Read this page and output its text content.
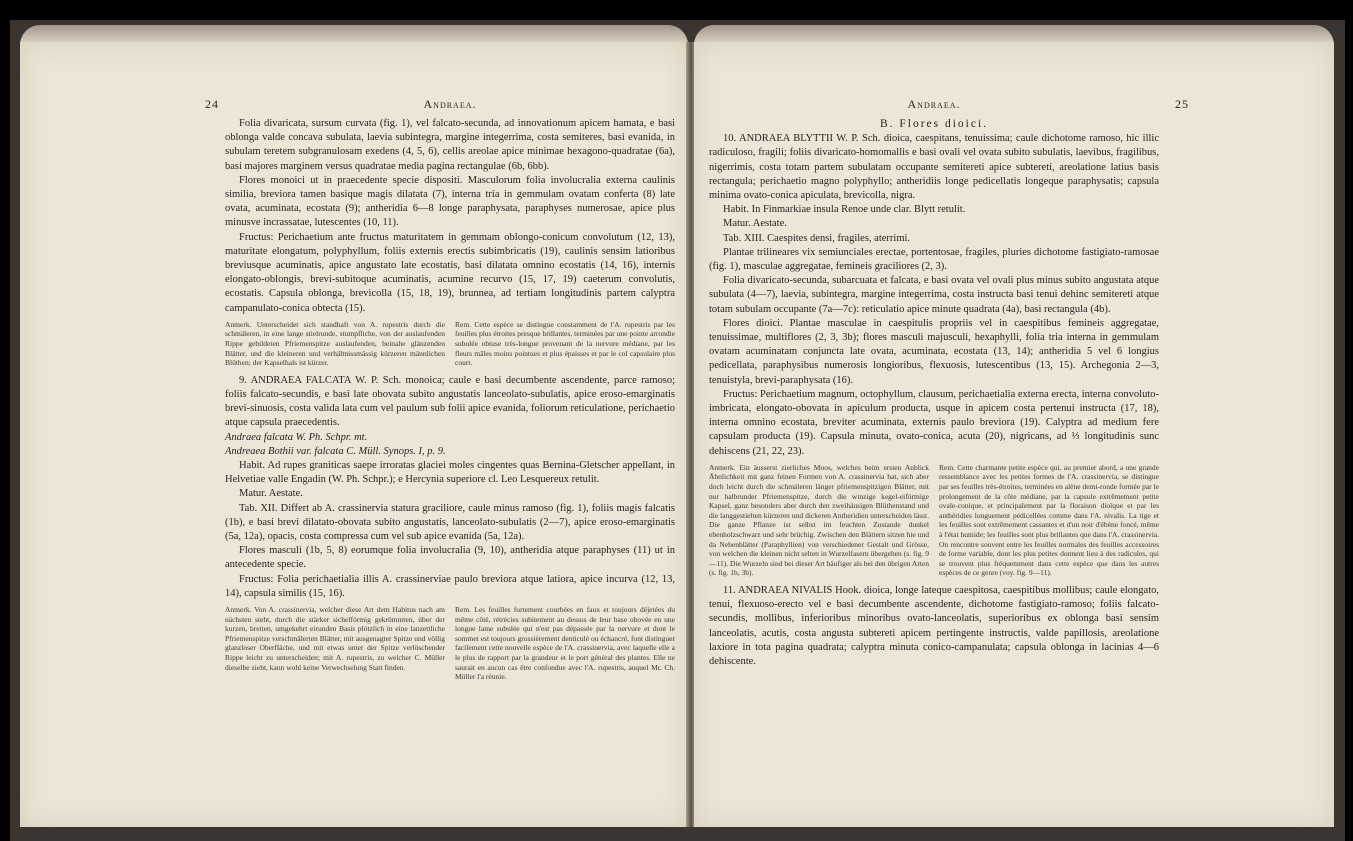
24	Andraea.

Folia divaricata, sursum curvata (fig. 1), vel falcato-secunda, ad innovationum apicem hamata, e basi oblonga valde concava subulata, laevia subintegra, margine integerrima, costa semiteres, basi evanida, in subulam teretem subgranulosam exedens (4, 5, 6), cellis areolae apice minimae hexagono-quadratae (6a), basi majores marginem versus quadratae media pagina rectangulae (6b, 6bb).

Flores monoici ut in praecedente specie dispositi. Masculorum folia involucralia externa caulinis similia, breviora tamen basique magis dilatata (7), interna tria in gemmulam ovatam conferta (8) late ovata, acuminata, ecostata (9); antheridia 6—8 longe paraphysata, paraphyses numerosae, apice plus minusve incrassatae, lutescentes (10, 11).

Fructus: Perichaetium ante fructus maturitatem in gemmam oblongo-conicum convolutum (12, 13), maturitate elongatum, polyphyllum, foliis externis erectis subimbricatis (19), caulinis sensim latioribus breviusque acuminatis, apice angustato late ecostatis, basi dilatata omnino ecostatis (14, 16), internis elongato-oblongis, brevi-subitoque acuminatis, acumine recurvo (15, 17, 19) caeterum convolutis, ecostatis. Capsula oblonga, brevicolla (15, 18, 19), brunnea, ad tertiam longitudinis partem calyptra campanulato-conica obtecta (15).

Anmerk. Unterscheidet sich standhaft von A. rupestris durch die schmäleren, in eine lange stielrunde, stumpfliche, von der auslaufenden Rippe gebildeten Pfriemenspitze auslaufenden, beinahe glänzenden Blätter, und die kleineren und verhältnissmässig kürzeren männlichen Blüthen; der Kapselhals ist kürzer.
Rem. Cette espèce se distingue constamment de l'A. rupestris par les feuilles plus étroites presque brillantes, terminées par une pointe arrondie subulée obtuse très-longue provenant de la nervure médiane, par les fleurs mâles moins pointues et plus épaisses et par le col capsulaire plus court.

9. ANDRAEA FALCATA W. P. Sch. monoica; caule e basi decumbente ascendente, parce ramoso; foliis falcato-secundis, e basi late obovata subito angustatis lanceolato-subulatis, apice eroso-emarginatis brevi-sinuosis, costa valida lata cum vel paulum sub folii apice evanida, foliorum reticulatione, perichaetio atque capsula praecedentis.

Andraea falcata W. Ph. Schpr. mt.

Andreaea Bothii var. falcata C. Müll. Synops. I, p. 9.

Habit. Ad rupes graniticas saepe irroratas glaciei moles cingentes quas Bernina-Gletscher appellant, in Helvetiae valle Engadin (W. Ph. Schpr.); e Hercynia superiore cl. Leo Lesquereux retulit.

Matur. Aestate.

Tab. XII. Differt ab A. crassinervia statura graciliore, caule minus ramoso (fig. 1), foliis magis falcatis (1b), e basi brevi dilatato-obovata subito angustatis, lanceolato-subulatis (2—7), apice eroso-emarginatis (5a, 12a), opacis, costa compressa cum vel sub apice evanida (5a, 12a).

Flores masculi (1b, 5, 8) eorumque folia involucralia (9, 10), antheridia atque paraphyses (11) ut in antecedente specie.

Fructus: Folia perichaetialia illis A. crassinerviae paulo breviora atque latiora, apice incurva (12, 13, 14), capsula similis (15, 16).

Anmerk. Von A. crassinervia, welcher diese Art dem Habitus nach am nächsten steht, durch die stärker sichelförmig gekrümmten, über der kurzen, breiten, umgekehrt eirunden Basis plötzlich in eine lanzettliche Pfriemenspitze verschmälerten Blätter, mit ausgenagter Spitze und völlig glanzloser Oberfläche, und mit etwas unter der Spitze verlöschender Rippe leicht zu unterscheiden; mit A. rupestris, zu welcher C. Müller dieselbe zieht, kann wohl keine Verwechselung Statt finden.
Rem. Les feuilles fortement courbées en faux et toujours déjetées du même côté, rétrécies subitement au dessus de leur base obovée en une longue lame subulée qui n'est pas dépassée par la nervure et dont le sommet est toujours grossièrement denticulé ou échancré, font distinguer facilement cette nouvelle espèce de l'A. crassinervia, avec laquelle elle a le plus de rapport par la grandeur et le port général des plantes. Elle ne saurait en aucun cas être confondue avec l'A. rupestris, auquel Mr. Ch. Müller l'a réunie.
Andraea.	25
B. Flores dioici.

10. ANDRAEA BLYTTII W. P. Sch. dioica, caespitans, tenuissima; caule dichotome ramoso, hic illic radiculoso, fragili; foliis divaricato-homomallis e basi ovali vel ovata subito subulatis, laevibus, fragilibus, nigerrimis, costa totam partem subulatam occupante semitereti apice subteretí, areolatione latius basis rectangula; perichaetio magno polyphyllo; antheridiis longe pedicellatis longeque paraphysatis; capsula minima ovato-conica apiculata, brevicolla, nigra.

Habit. In Finmarkiae insula Renoe unde clar. Blytt retulit.

Matur. Aestate.

Tab. XIII. Caespites densi, fragiles, aterrimi.

Plantae trilineares vix semiunciales erectae, portentosae, fragiles, pluries dichotome fastigiato-ramosae (fig. 1), masculae aggregatae, femineis graciliores (2, 3).

Folia divaricato-secunda, subarcuata et falcata, e basi ovata vel ovali plus minus subito angustata atque subulata (4—7), laevia, subintegra, margine integerrima, costa instructa basi tenui dehinc semitereti atque totam subulam occupante (7a—7c): reticulatio apice minute quadrata (4a), basi rectangula (4b).

Flores dioici. Plantae masculae in caespitulis propriis vel in caespitibus femineis aggregatae, tenuissimae, multiflores (2, 3, 3b); flores masculi majusculi, hexaphylli, folia tria interna in gemmulam ovatam acuminatam conjuncta late ovata, acuminata, ecostata (13, 14); antheridia 5 vel 6 longius pedicellata, paraphysibus numerosis longioribus, flexuosis, lutescentibus (13, 15). Archegonia 2—3, tenuistyla, brevi-paraphysata (16).

Fructus: Perichaetium magnum, octophyllum, clausum, perichaetialia externa erecta, interna convoluto-imbricata, elongato-obovata in apiculum producta, usque in apicem costa pertenui instructa (17, 18), interna omnino ecostata, breviter acuminata, externis paulo breviora (19). Calyptra ad medium fere capsulam producta (19). Capsula minuta, ovato-conica, acuta (20), nigricans, ad ⅓ longitudinis sunc dehiscens (21, 22, 23).

Anmerk. Ein äusserst zierliches Moos, welches beim ersten Anblick Ähnlichkeit mit ganz feinen Formen von A. crassinervia hat, sich aber doch leicht durch die schmäleren länger pfriemenspitzigen Blätter, mit nur halbrunder Pfriemenspitze, durch die winzige kegel-eiförmige Kapsel, ganz besonders aber durch den zweihäusigen Blüthenstand und die langgestielten kürzeren und dickeren Antheridien unterscheiden lässt. Die ganze Pflanze ist selbst im feuchten Zustande dunkel ebenholzschwarz und sehr brüchig. Zwischen den Blättern sitzen hie und da Nebenblätter (Paraphyllien) von verschiedener Gestalt und Grösse, von welchen die kleinen nicht selten in Wurzelfasern übergehen (s. fig. 9—11). Die Wurzeln sind bei dieser Art häufiger als bei den übrigen Arten (s. fig. 1b, 3b).
Rem. Cette charmante petite espèce qui, au premier abord, a une grande ressemblance avec les petites formes de l'A. crassinervia, se distingue par ses feuilles très-étroites, terminées en alène demi-ronde formée par le prolongement de la côte médiane, par la capsule extrêmement petite ovale-conique, et principalement par la floraison dioïque et par les anthéridies longuement pédicellées comme dans l'A. nivalis. La tige et les feuilles sont extrêmement cassantes et d'un noir d'ébène foncé, même à l'état humide; les feuilles sont plus brillantes que dans l'A. crassinervia. On rencontre souvent entre les feuilles normales des feuilles accessoires de forme variable, dont les plus petites donnent lieu à des radicules, qui se trouvent plus fréquemment dans cette espèce que dans les autres espèces de ce genre (voy. fig. 9—11).

11. ANDRAEA NIVALIS Hook. dioica, longe lateque caespitosa, caespitibus mollibus; caule elongato, tenui, flexuoso-erecto vel e basi decumbente ascendente, dichotome fastigiato-ramoso; foliis falcato-secundis, mollibus, inferioribus minoribus ovato-lanceolatis, superioribus ex oblonga basi sensim lanceolatis, acutis, costa angusta subtereti apicem pertingente instructis, valde papillosis, areolatione laxiore in tota pagina quadrata; calyptra minuta conico-campanulata; capsula oblonga in lacinias 4—6 dehiscente.
